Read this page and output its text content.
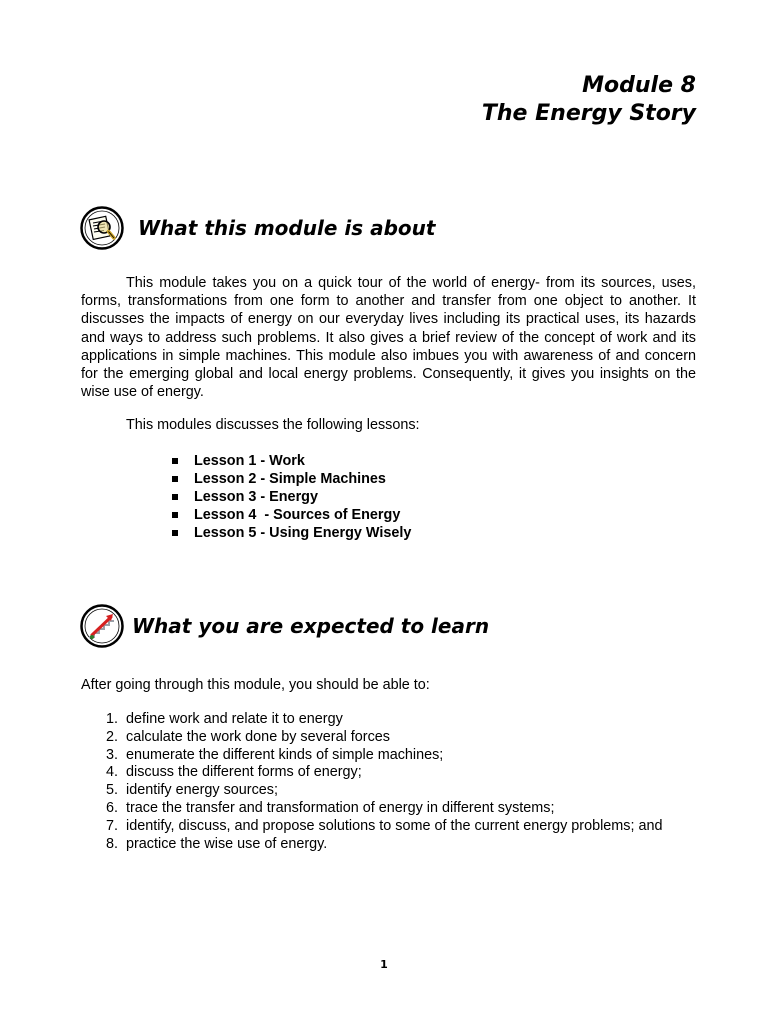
Module 8
The Energy Story
What this module is about

This module takes you on a quick tour of the world of energy- from its sources, uses, forms, transformations from one form to another and transfer from one object to another. It discusses the impacts of energy on our everyday lives including its practical uses, its hazards and ways to address such problems. It also gives a brief review of the concept of work and its applications in simple machines. This module also imbues you with awareness of and concern for the emerging global and local energy problems. Consequently, it gives you insights on the wise use of energy.

This modules discusses the following lessons:

Lesson 1 - Work
Lesson 2 - Simple Machines
Lesson 3 - Energy
Lesson 4  - Sources of Energy
Lesson 5 - Using Energy Wisely
What you are expected to learn

After going through this module, you should be able to:

1. define work and relate it to energy
2. calculate the work done by several forces
3. enumerate the different kinds of simple machines;
4. discuss the different forms of energy;
5. identify energy sources;
6. trace the transfer and transformation of energy in different systems;
7. identify, discuss, and propose solutions to some of the current energy problems; and
8. practice the wise use of energy.
1
